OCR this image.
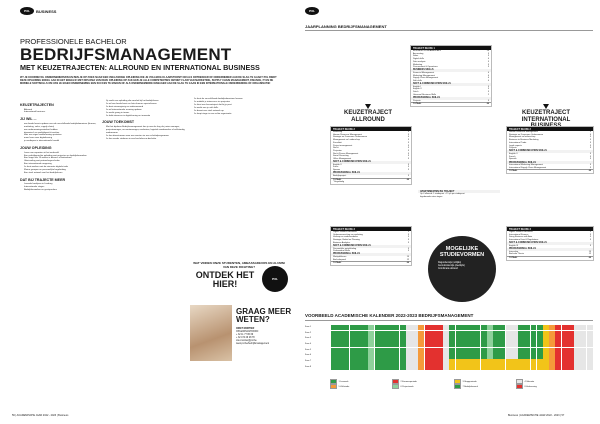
PXL	BUSINESS
PROFESSIONELE BACHELOR
BEDRIJFSMANAGEMENT
MET KEUZETRAJECTEN: ALLROUND EN INTERNATIONAL BUSINESS
ZIT JE KOORDEVOL ONDERNEMERSZIN EN BEN JE OP ZOEK NAAR EEN VEELZIJDIGE OPLEIDING DIE JE VOLLEDIG KLAARSTOOMT OM ALS ONTDEKKER OF ONDERNEMER AAN DE SLAG TE GAAN? PXL BIEDT DEZE OPLEIDING ENKEL AAN IN HET ENGELS! MET DIPLOMA VAN DEZE OPLEIDING OP ZAK HEB JE ALLE COMPETENTIES OM MET FLAIR VAN MARKETING, SUPPLY CHAIN MANAGEMENT, FINANCE, IT EN DE MOBIELE SOFTSKILLS OM VAN JE EIGEN ONDERNEMING EEN SUCCES TE MAKEN OF ALS ONDERNEMENDE MANAGER AAN DE SLAG TE GAAN IN EEN INTERNATIONALE ONDERNEMING OF ORGANISATIE!
KEUZETRAJECTEN
• Allround
• International business
JIJ WIL ...
• een brede kennis opdoen over de verschillende bedrijfsdomeinen (finance, marketing, sales, supply chain)
• een ondernemingsmindset hebben
• dynamisch en praktijkgericht werken
• later een eigen onderneming opstarten
• meer leren over digitalisering
• je verdiepen in internationale handel
JOUW OPLEIDING
• Leren van experten uit het werkveld
• Een praktijkgerichte opleiding met projecten en bedrijfsbezoeken
• Een stage van 13 weken in binnen- of buitenland
• Uitwisseling met partnerhogescholen
• Een internationale omgeving
• Je leert werken met de nieuwste digitale tools
• Kleine groepen en persoonlijke begeleiding
• Een sterk netwerk met het bedrijfsleven
DAT BIJ TRAJECTE MEER
• Lerende bedrijven in Limburg
• Internationale stages
• Bedrijfsbezoeken en gastsprekers
• Jij zoekt een opleiding die aansluit bij het bedrijfsleven
• Je wil een brede basis en later kunnen specialiseren
• Je bent nieuwsgierig en ondernemend
• Je wil internationale ervaring opdoen
• Je werkt graag in teams
• Je hebt interesse in digitalisering en innovatie
JOUW TOEKOMST
• Met het diploma Bedrijfsmanagement kan je aan de slag als junior manager, projectmanager, accountmanager, marketeer, logistiek medewerker of zelfstandig ondernemer
• Je kan doorstromen naar een master via een schakelprogramma
• Je kan verder studeren in een bachelor-na-bachelor
• Je leert de verschillende bedrijfsdomeinen kennen
• Je ontdekt je interesses via projecten
• Je kiest een keuzetraject dat bij je past
• Je werkt aan je soft skills
• Je bouwt een sterk netwerk op
• Je loopt stage in een echte organisatie
WAT VINDEN ONZE STUDENTEN, AMBASSADEURS EN ALUMNI VAN DEZE RICHTING?
ONTDEK HET HIER!
PXL
GRAAG MEER WETEN?
ORIET MORTIER
OPLEIDINGSHOOFD
+ 32 11 77 86 69
+ 32 474 29 28 78
oriet.mortier@pxl.be
www.pxl.be/bedrijfsmanagement
56 | ACADEMISCHE JAAR 2022 - 2023 | Business
PXL
JAARPLANNING BEDRIJFSMANAGEMENT
TRAJECT KEUZE 1
BUSINESS FUNDAMENTALS	24
Accounting	3
Sales	3
Digital skills	4
Data analysis	3
Marketing	3
Procurement & Operations	3
BUSINESS SKILLS
Financial Management	4
Marketing Management	4
Supply Chain Management	4
Soft skills	4
SOFT & COMMUNICATION SKILLS
English I	3
English II	3
Dutch	3
Universal Business Skills	2
PROFESSIONAL SKILLS
Projects	3
TOTAAL	60
KEUZETRAJECT ALLROUND
KEUZETRAJECT INTERNATIONAL
TRAJECT KEUZE 2
Marketing	4
Human Resource Management	3
Strategie en Duurzaam Ondernemen	4
Management en Leiderschap	3
Fiscaliteit	3
Project management	3
Recht	3
Projecten	3
Recht Proces Management	3
Social Recruiting	3
Office Management	3
SOFT & COMMUNICATION SKILLS
English II	3
Frans	3
Spaans	3
PROFESSIONAL SKILLS
Bedrijfsproject	3
TOTAAL	60
* Engelstalig
APARTEMENTEN BIJ TRAJECT
Op 4 allround: 1 studiepunt + 15 ph per studiepunt
Ingebouwde extra stages
TRAJECT KEUZE 3
Digital Trends & Business	3
Ondernemerschap en marketing	3
Verkoop en onderhandelen	3
Strategie, Beleid en Planning	3
Business Analytics	3
SOFT & COMMUNICATION SKILLS
Persoonlijke ontwikkeling	3
Professional Skills	3
PROFESSIONAL SKILLS
Werkplekleren	19
Bachelorproef	12
TOTAAL	60
TRAJECT KEUZE 2
Human Resource Management	3
Strategie en Duurzaam Ondernemen	4
Management en leiderschap	3
Business to Business Marketing	3
International Trade	3
Legal aspects	3
Projects	3
SOFT & COMMUNICATION SKILLS
English II	3
French	3
Spanish	3
PROFESSIONAL SKILLS
International Marketing Management	3
International Supply Chain Management	3
TOTAAL	60
TRAJECT KEUZE 3
Digital Trends & Business	3
International Finance	3
Doing Business with Asia	3
International Law & Regulations	3
SOFT & COMMUNICATION SKILLS
English III	3
PROFESSIONAL SKILLS
Internship	19
Bachelor Thesis	12
TOTAAL	60
MOGELIJKE STUDIEVORMEN
• Dagonderwijs (voltijds)
• Avondonderwijs (deeltijds)
• Combinatie afstand
VOORBEELD ACADEMISCHE KALENDER 2022-2023 BEDRIJFSMANAGEMENT
Fase 1
Fase 2
Fase 3
Fase 4
Fase 5
Fase 6
Fase 7
Fase 8
1 Lesweek	2 Examenperiode	3 Stageperiode	4 Vakantie
5 Zelfstudie	6 Projectweek	7 Bedrijfsbezoek	8 Herkansing
Business | ACADEMISCHE JAAR 2022 - 2023 | 57
